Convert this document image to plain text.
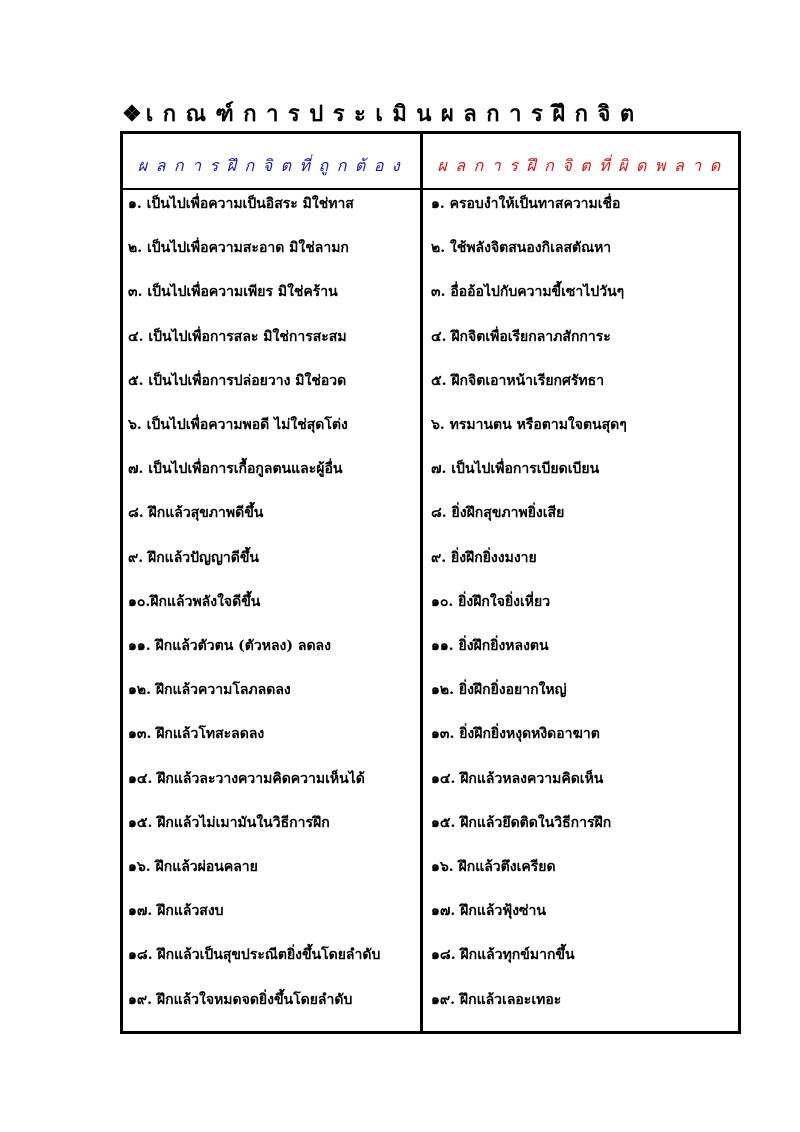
❖ เกณฑ์การประเมินผลการฝึกจิต
ผลการฝึกจิตที่ถูกต้อง	ผลการฝึกจิตที่ผิดพลาด
๑. เป็นไปเพื่อความเป็นอิสระ มิใช่ทาส
๒. เป็นไปเพื่อความสะอาด มิใช่ลามก
๓. เป็นไปเพื่อความเพียร มิใช่คร้าน
๔. เป็นไปเพื่อการสละ มิใช่การสะสม
๕. เป็นไปเพื่อการปล่อยวาง มิใช่อวด
๖. เป็นไปเพื่อความพอดี ไม่ใช่สุดโต่ง
๗. เป็นไปเพื่อการเกื้อกูลตนและผู้อื่น
๘. ฝึกแล้วสุขภาพดีขึ้น
๙. ฝึกแล้วปัญญาดีขึ้น
๑๐.ฝึกแล้วพลังใจดีขึ้น
๑๑. ฝึกแล้วตัวตน (ตัวหลง) ลดลง
๑๒. ฝึกแล้วความโลภลดลง
๑๓. ฝึกแล้วโทสะลดลง
๑๔. ฝึกแล้วละวางความคิดความเห็นได้
๑๕. ฝึกแล้วไม่เมามันในวิธีการฝึก
๑๖. ฝึกแล้วผ่อนคลาย
๑๗. ฝึกแล้วสงบ
๑๘. ฝึกแล้วเป็นสุขประณีตยิ่งขึ้นโดยลำดับ
๑๙. ฝึกแล้วใจหมดจดยิ่งขึ้นโดยลำดับ
๑. ครอบงำให้เป็นทาสความเชื่อ
๒. ใช้พลังจิตสนองกิเลสตัณหา
๓. อื่ออ้อไปกับความขี้เซาไปวันๆ
๔. ฝึกจิตเพื่อเรียกลาภสักการะ
๕. ฝึกจิตเอาหน้าเรียกศรัทธา
๖. ทรมานตน หรือตามใจตนสุดๆ
๗. เป็นไปเพื่อการเบียดเบียน
๘. ยิ่งฝึกสุขภาพยิ่งเสีย
๙. ยิ่งฝึกยิ่งงมงาย
๑๐. ยิ่งฝึกใจยิ่งเหี่ยว
๑๑. ยิ่งฝึกยิ่งหลงตน
๑๒. ยิ่งฝึกยิ่งอยากใหญ่
๑๓. ยิ่งฝึกยิ่งหงุดหงิดอาฆาต
๑๔. ฝึกแล้วหลงความคิดเห็น
๑๕. ฝึกแล้วยึดติดในวิธีการฝึก
๑๖. ฝึกแล้วตึงเครียด
๑๗. ฝึกแล้วฟุ้งซ่าน
๑๘. ฝึกแล้วทุกข์มากขึ้น
๑๙. ฝึกแล้วเลอะเทอะ
